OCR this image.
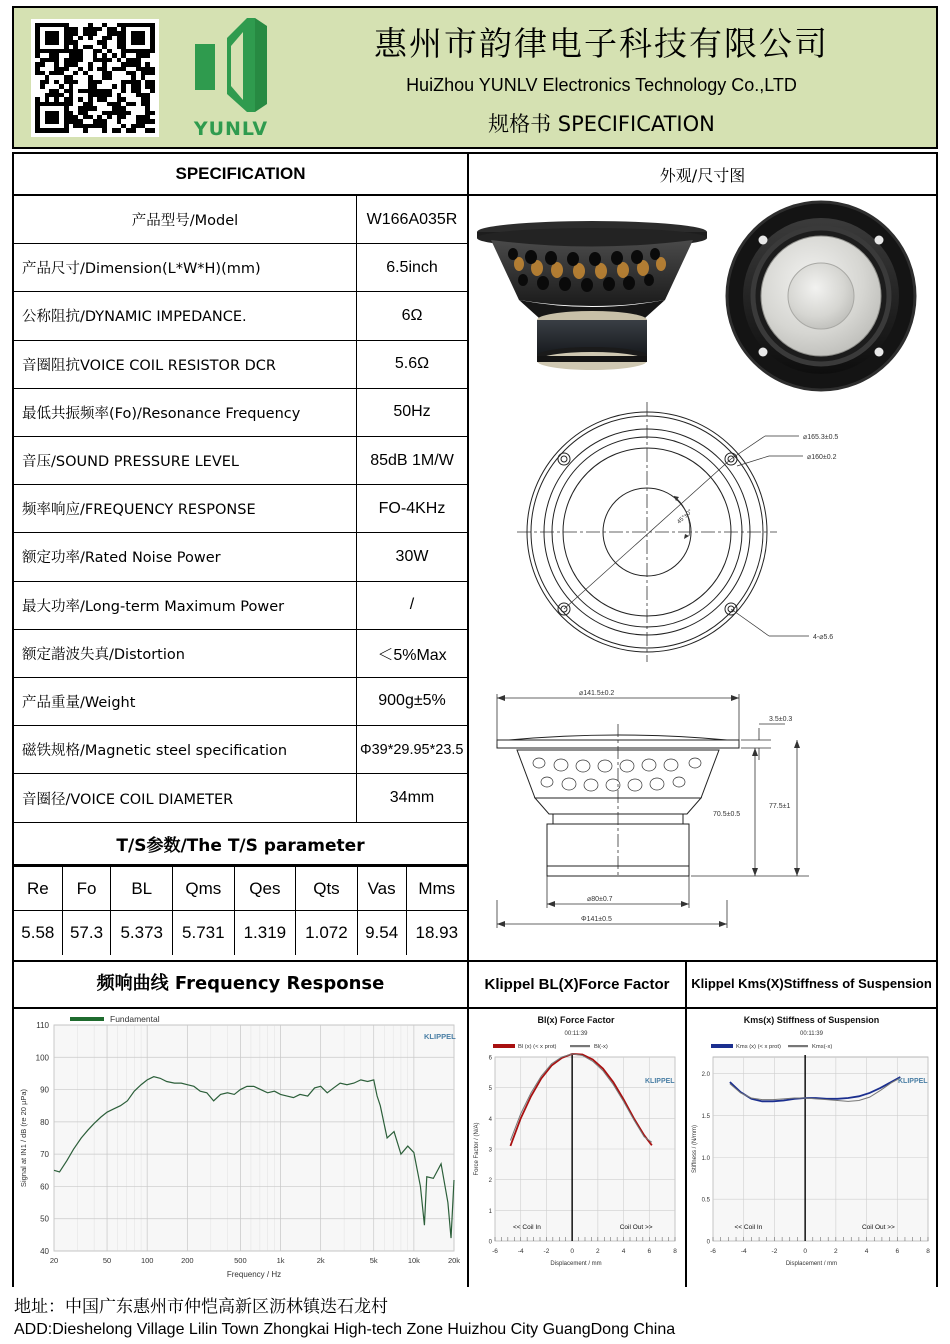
YUNLV
惠州市韵律电子科技有限公司
HuiZhou YUNLV Electronics Technology Co.,LTD
规格书 SPECIFICATION
SPECIFICATION
产品型号/Model	W166A035R
产品尺寸/Dimension(L*W*H)(mm)	6.5inch
公称阻抗/DYNAMIC IMPEDANCE.	6Ω
音圈阻抗VOICE COIL RESISTOR DCR	5.6Ω
最低共振频率(Fo)/Resonance Frequency	50Hz
音压/SOUND PRESSURE LEVEL	85dB 1M/W
频率响应/FREQUENCY RESPONSE	FO-4KHz
额定功率/Rated Noise Power	30W
最大功率/Long-term Maximum Power	/
额定諧波失真/Distortion	＜5%Max
产品重量/Weight	900g±5%
磁铁规格/Magnetic steel specification	Φ39*29.95*23.5
音圈径/VOICE COIL DIAMETER	34mm
T/S参数/The T/S parameter
Re	Fo	BL	Qms	Qes	Qts	Vas	Mms
5.58	57.3	5.373	5.731	1.319	1.072	9.54	18.93
外观/尺寸图
⌀165.3±0.5
⌀160±0.2
45°±0°
4-⌀5.6
⌀141.5±0.2
3.5±0.3
70.5±0.5
77.5±1
⌀80±0.7
Φ141±0.5
频响曲线 Frequency Response	Klippel BL(X)Force Factor	Klippel Kms(X)Stiffness of Suspension
20	50	100	200	500	1k	2k	5k	10k	20k
40
50
60
70
80
90
100
110
Fundamental
Frequency / Hz
Signal at IN1 / dB (re 20 µPa)
KLIPPEL
0
1
2
3
4
5
6
-6	-4	-2	0	2	4	6	8
Bl(x) Force Factor
00:11:39
Bl (x) (< x prot)	Bl(-x)
<< Coil In	Coil Out >>
Displacement / mm
Force Factor / (N/A)
KLIPPEL
0
0.5
1.0
1.5
2.0
-6	-4	-2	0	2	4	6	8
Kms(x) Stiffness of Suspension
00:11:39
Kms (x) (< x prot)	Kms(-x)
<< Coil In	Coil Out >>
Displacement / mm
Stiffness / (N/mm)
KLIPPEL
地址：中国广东惠州市仲恺高新区沥林镇迭石龙村
ADD:Dieshelong Village Lilin Town Zhongkai High-tech Zone Huizhou City GuangDong China
